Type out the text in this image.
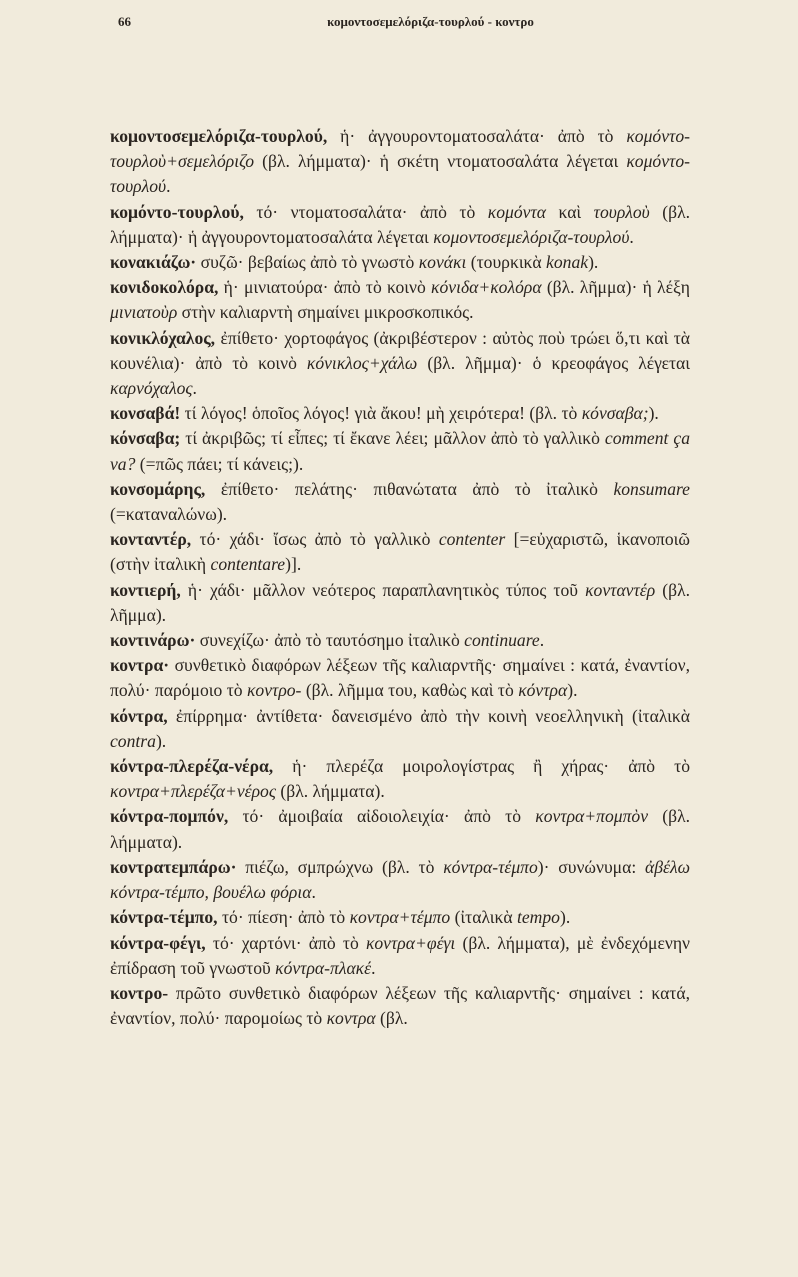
66	κομοντοσεμελόριζα-τουρλού - κοντρο

κομοντοσεμελόριζα-τουρλού, ἡ· ἀγγουροντοματοσαλάτα· ἀπὸ τὸ κομόντο-τουρλοὺ+σεμελόριζο (βλ. λήμματα)· ἡ σκέτη ντοματοσαλάτα λέγεται κομόντο-τουρλού.

κομόντο-τουρλού, τό· ντοματοσαλάτα· ἀπὸ τὸ κομόντα καὶ τουρλοὺ (βλ. λήμματα)· ἡ ἀγγουροντοματοσαλάτα λέγεται κομοντοσεμελόριζα-τουρλού.

κονακιάζω· συζῶ· βεβαίως ἀπὸ τὸ γνωστὸ κονάκι (τουρκικὰ konak).

κονιδοκολόρα, ἡ· μινιατούρα· ἀπὸ τὸ κοινὸ κόνιδα+κολόρα (βλ. λῆμμα)· ἡ λέξη μινιατοὺρ στὴν καλιαρντὴ σημαίνει μικροσκοπικός.

κονικλόχαλος, ἐπίθετο· χορτοφάγος (ἀκριβέστερον : αὐτὸς ποὺ τρώει ὅ,τι καὶ τὰ κουνέλια)· ἀπὸ τὸ κοινὸ κόνικλος+χάλω (βλ. λῆμμα)· ὁ κρεοφάγος λέγεται καρνόχαλος.

κονσαβά! τί λόγος! ὁποῖος λόγος! γιὰ ἄκου! μὴ χειρότερα! (βλ. τὸ κόνσαβα;).

κόνσαβα; τί ἀκριβῶς; τί εἶπες; τί ἔκανε λέει; μᾶλλον ἀπὸ τὸ γαλλικὸ comment ça va? (=πῶς πάει; τί κάνεις;).

κονσομάρης, ἐπίθετο· πελάτης· πιθανώτατα ἀπὸ τὸ ἰταλικὸ konsumare (=καταναλώνω).

κονταντέρ, τό· χάδι· ἴσως ἀπὸ τὸ γαλλικὸ contenter [=εὐχαριστῶ, ἱκανοποιῶ (στὴν ἰταλικὴ contentare)].

κοντιερή, ἡ· χάδι· μᾶλλον νεότερος παραπλανητικὸς τύπος τοῦ κονταντέρ (βλ. λῆμμα).

κοντινάρω· συνεχίζω· ἀπὸ τὸ ταυτόσημο ἰταλικὸ continuare.

κοντρα· συνθετικὸ διαφόρων λέξεων τῆς καλιαρντῆς· σημαίνει : κατά, ἐναντίον, πολύ· παρόμοιο τὸ κοντρο- (βλ. λῆμμα του, καθὼς καὶ τὸ κόντρα).

κόντρα, ἐπίρρημα· ἀντίθετα· δανεισμένο ἀπὸ τὴν κοινὴ νεοελληνικὴ (ἰταλικὰ contra).

κόντρα-πλερέζα-νέρα, ἡ· πλερέζα μοιρολογίστρας ἢ χήρας· ἀπὸ τὸ κοντρα+πλερέζα+νέρος (βλ. λήμματα).

κόντρα-πομπόν, τό· ἀμοιβαία αἰδοιολειχία· ἀπὸ τὸ κοντρα+πομπὸν (βλ. λήμματα).

κοντρατεμπάρω· πιέζω, σμπρώχνω (βλ. τὸ κόντρα-τέμπο)· συνώνυμα: ἀβέλω κόντρα-τέμπο, βουέλω φόρια.

κόντρα-τέμπο, τό· πίεση· ἀπὸ τὸ κοντρα+τέμπο (ἰταλικὰ tempo).

κόντρα-φέγι, τό· χαρτόνι· ἀπὸ τὸ κοντρα+φέγι (βλ. λήμματα), μὲ ἐνδεχόμενην ἐπίδραση τοῦ γνωστοῦ κόντρα-πλακέ.

κοντρο- πρῶτο συνθετικὸ διαφόρων λέξεων τῆς καλιαρντῆς· σημαίνει : κατά, ἐναντίον, πολύ· παρομοίως τὸ κοντρα (βλ.
